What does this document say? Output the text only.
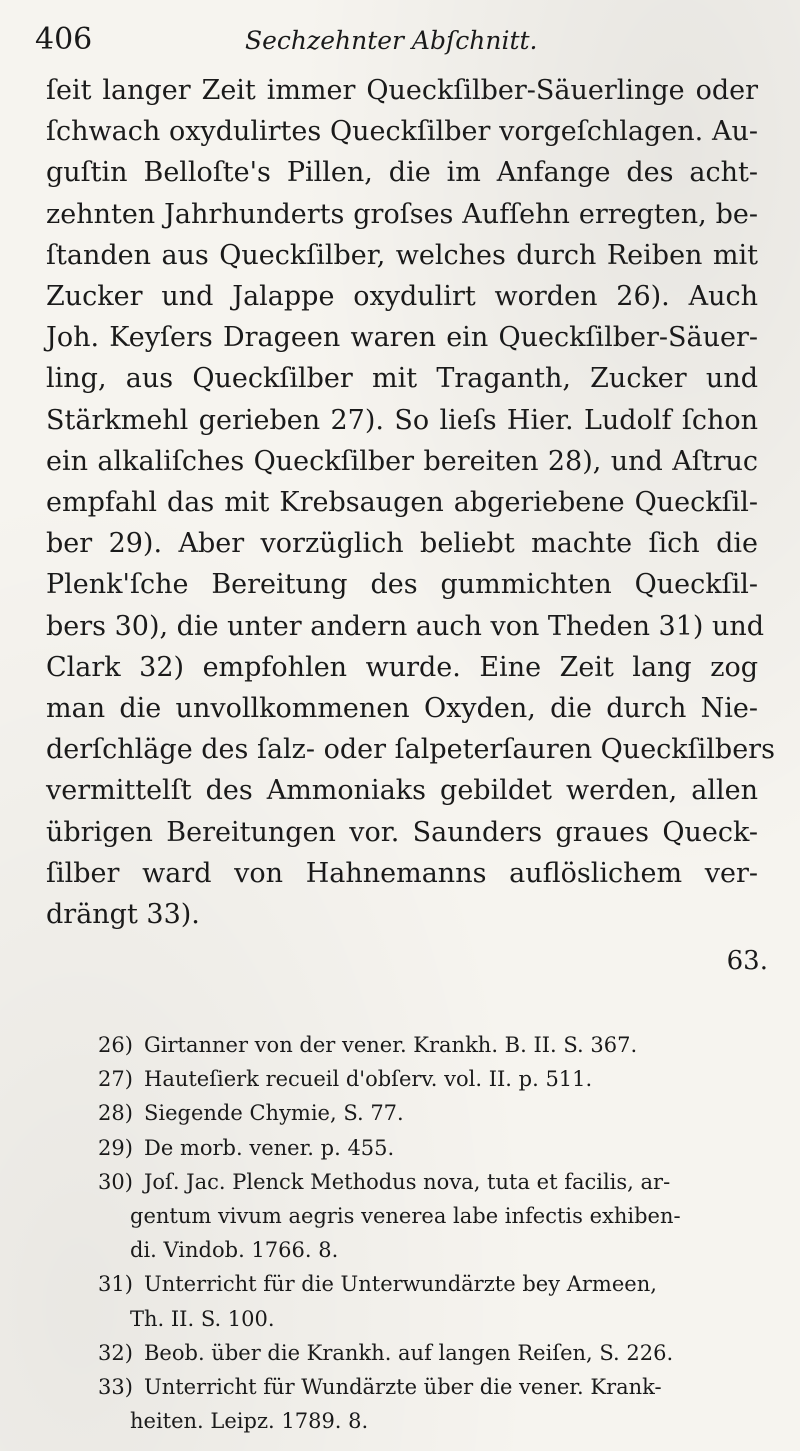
406	Sechzehnter Abſchnitt.
ſeit langer Zeit immer Queckſilber-Säuerlinge oder
ſchwach oxydulirtes Queckſilber vorgeſchlagen. Au-
guſtin Belloſte's Pillen, die im Anfange des acht-
zehnten Jahrhunderts groſses Aufſehn erregten, be-
ſtanden aus Queckſilber, welches durch Reiben mit
Zucker und Jalappe oxydulirt worden 26). Auch
Joh. Keyſers Drageen waren ein Queckſilber-Säuer-
ling, aus Queckſilber mit Traganth, Zucker und
Stärkmehl gerieben 27). So lieſs Hier. Ludolf ſchon
ein alkaliſches Queckſilber bereiten 28), und Aſtruc
empfahl das mit Krebsaugen abgeriebene Queckſil-
ber 29). Aber vorzüglich beliebt machte ſich die
Plenk'ſche Bereitung des gummichten Queckſil-
bers 30), die unter andern auch von Theden 31) und
Clark 32) empfohlen wurde. Eine Zeit lang zog
man die unvollkommenen Oxyden, die durch Nie-
derſchläge des ſalz- oder ſalpeterſauren Queckſilbers
vermittelſt des Ammoniaks gebildet werden, allen
übrigen Bereitungen vor. Saunders graues Queck-
ſilber ward von Hahnemanns auflöslichem ver-
drängt 33).
63.
26) Girtanner von der vener. Krankh. B. II. S. 367.
27) Hauteſierk recueil d'obſerv. vol. II. p. 511.
28) Siegende Chymie, S. 77.
29) De morb. vener. p. 455.
30) Joſ. Jac. Plenck Methodus nova, tuta et facilis, ar-
gentum vivum aegris venerea labe infectis exhiben-
di. Vindob. 1766. 8.
31) Unterricht für die Unterwundärzte bey Armeen,
Th. II. S. 100.
32) Beob. über die Krankh. auf langen Reiſen, S. 226.
33) Unterricht für Wundärzte über die vener. Krank-
heiten. Leipz. 1789. 8.
